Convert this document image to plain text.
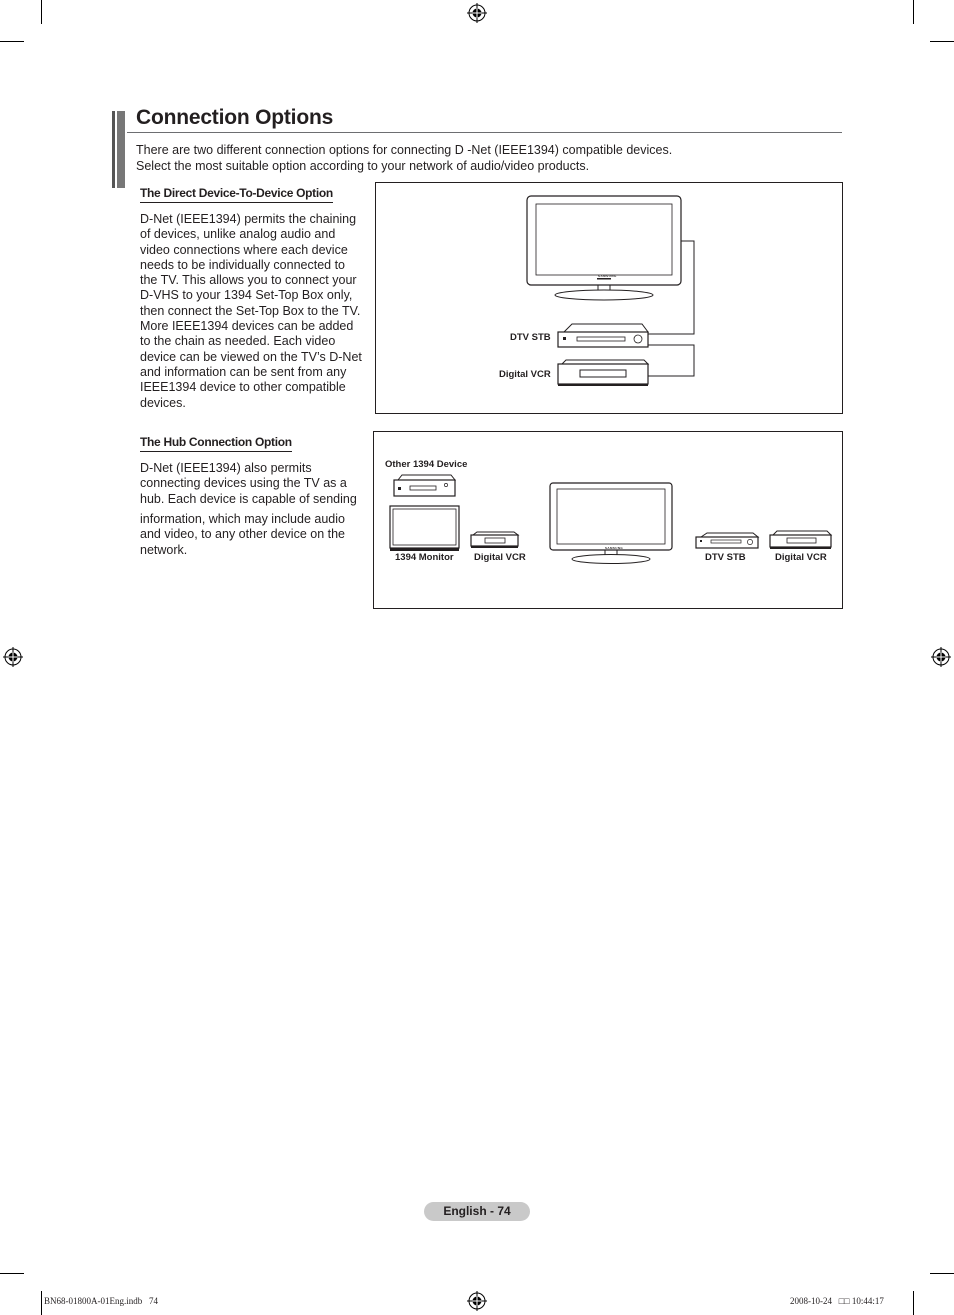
Connection Options
There are two different connection options for connecting D -Net (IEEE1394) compatible devices.
Select the most suitable option according to your network of audio/video products.
The Direct Device-To-Device Option
D-Net (IEEE1394) permits the chaining
of devices, unlike analog audio and
video connections where each device
needs to be individually connected to
the TV. This allows you to connect your
D-VHS to your 1394 Set-Top Box only,
then connect the Set-Top Box to the TV.
More IEEE1394 devices can be added
to the chain as needed. Each video
device can be viewed on the TV’s D-Net
and information can be sent from any
IEEE1394 device to other compatible
devices.
SAMSUNG
DTV STB
Digital VCR
The Hub Connection Option
D-Net (IEEE1394) also permits
connecting devices using the TV as a
hub. Each device is capable of sending
information, which may include audio
and video, to any other device on the
network.
Other 1394 Device
1394 Monitor Digital VCR
SAMSUNG
DTV STB	Digital VCR
English - 74
BN68-01800A-01Eng.indb   74	2008-10-24   □□ 10:44:17
